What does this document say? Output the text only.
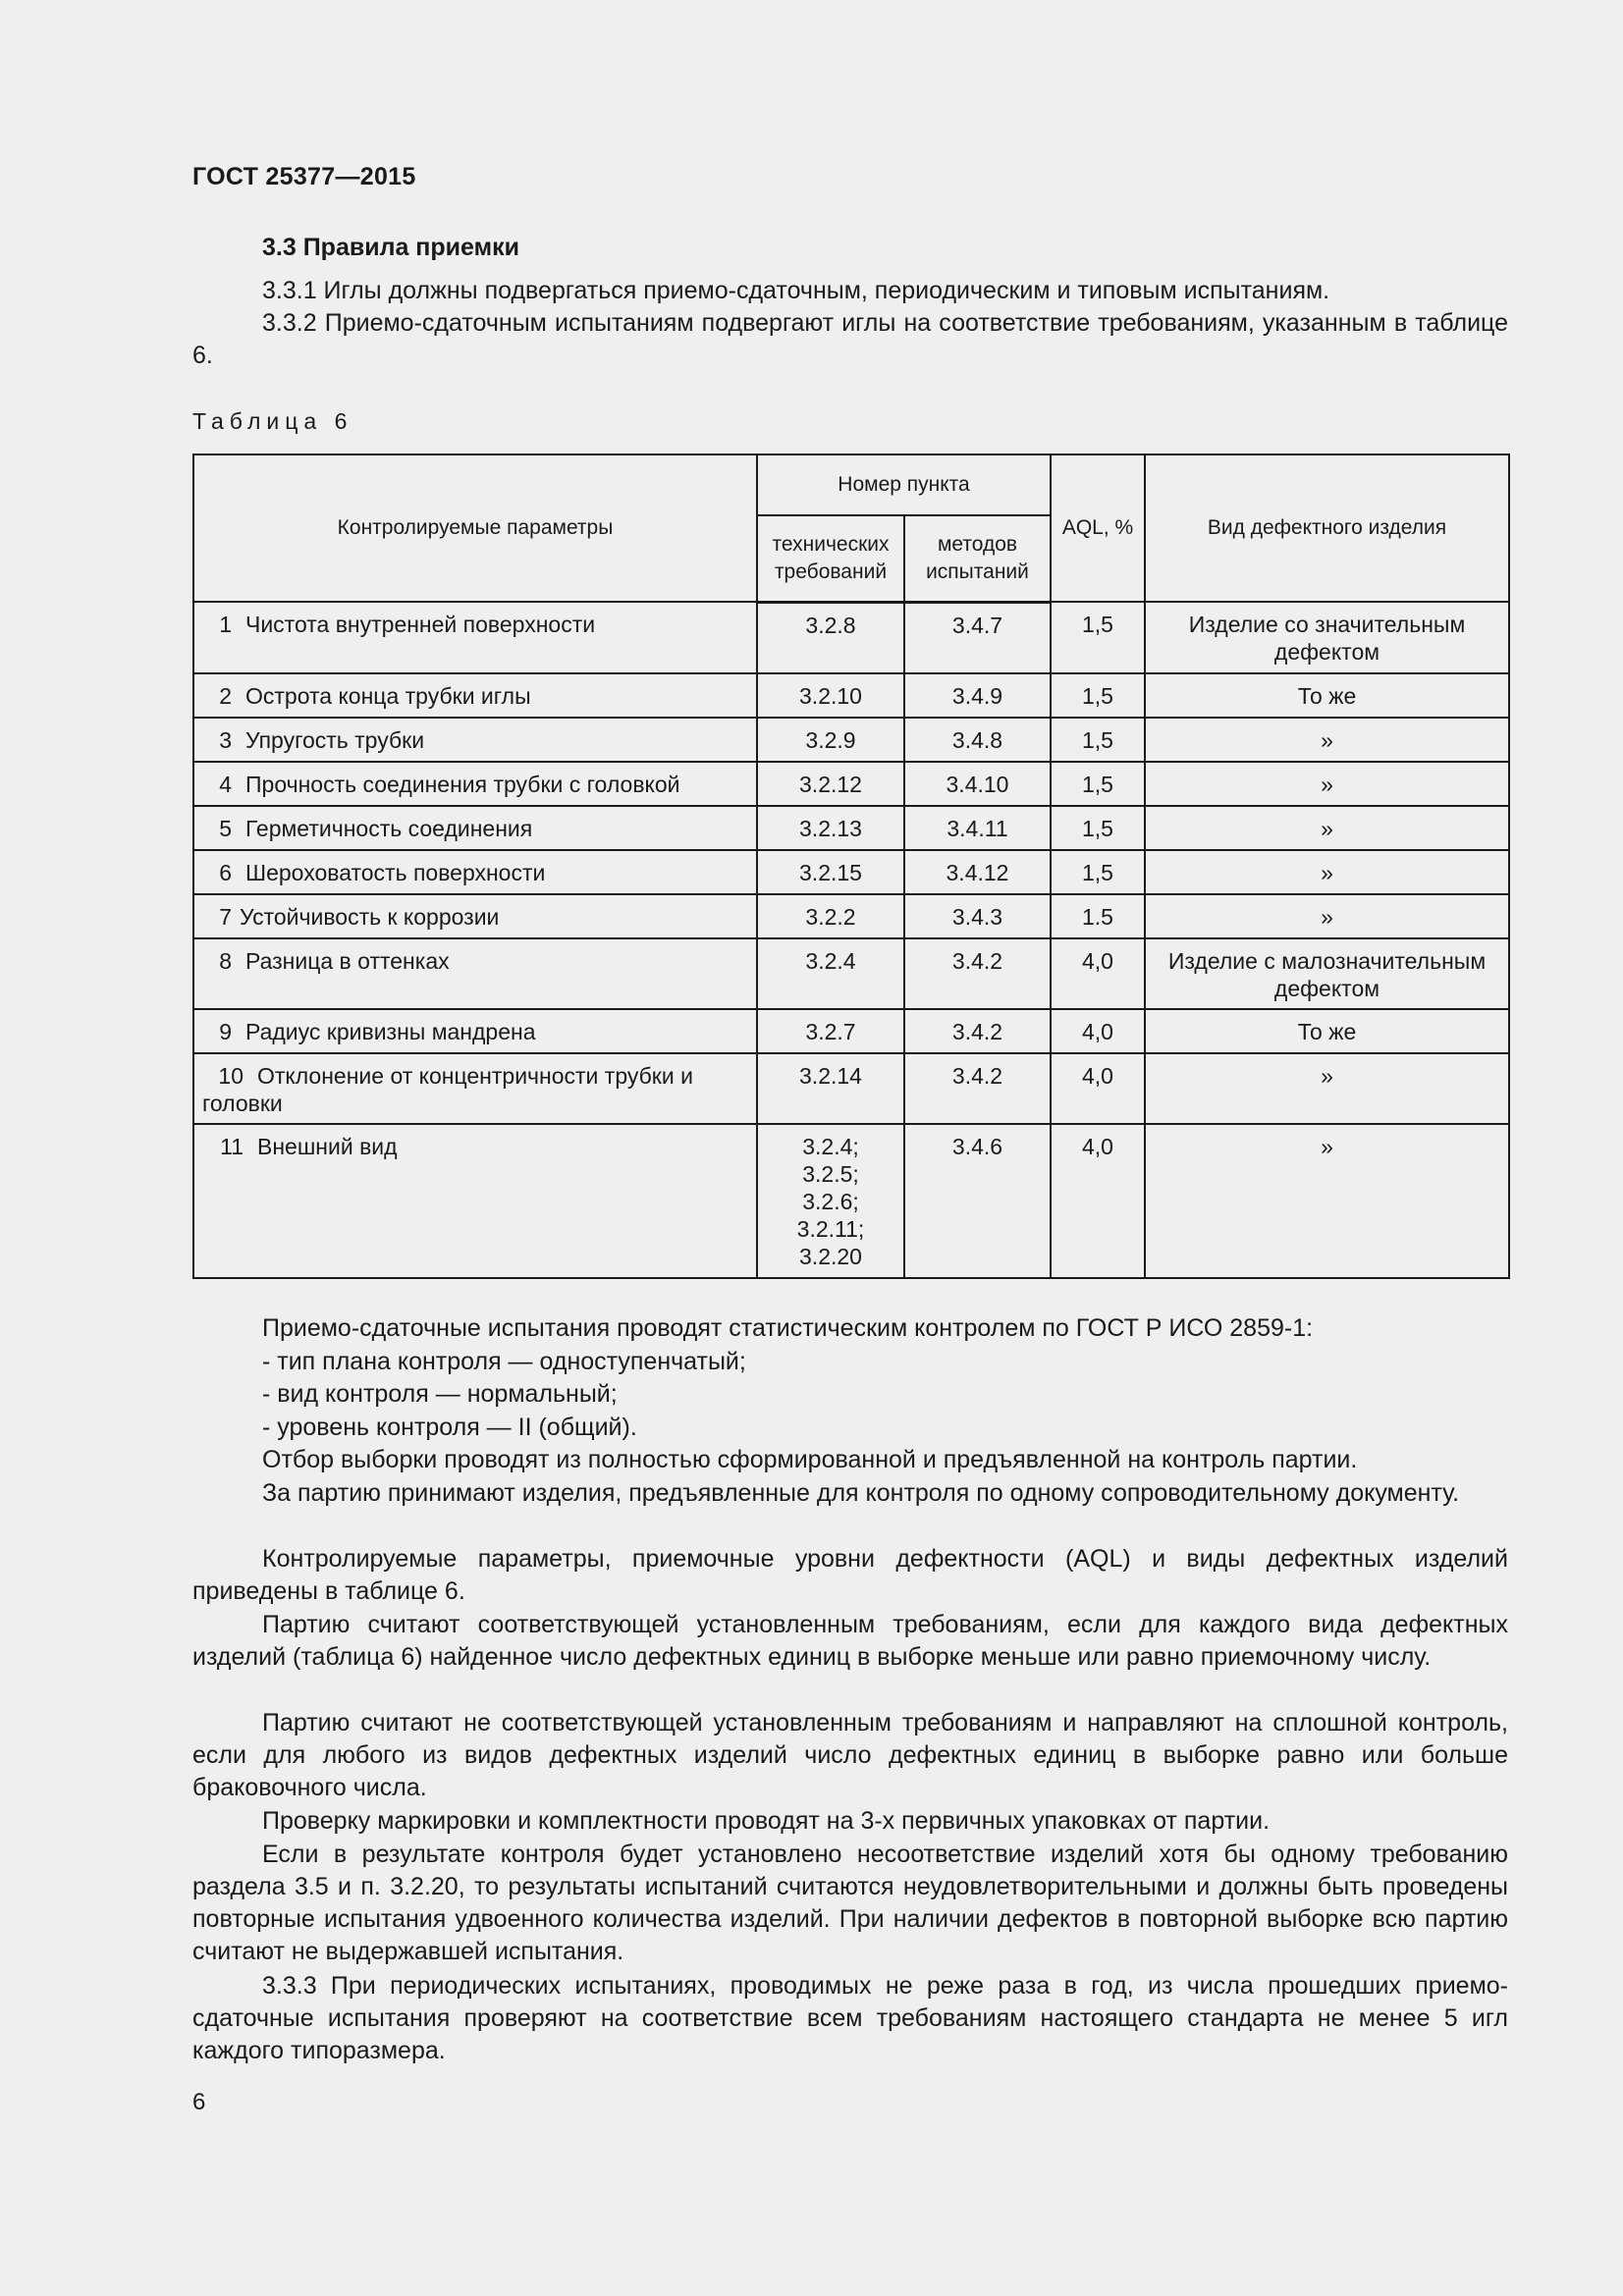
ГОСТ 25377—2015
3.3 Правила приемки
3.3.1 Иглы должны подвергаться приемо-сдаточным, периодическим и типовым испытаниям.
3.3.2 Приемо-сдаточным испытаниям подвергают иглы на соответствие требованиям, указанным в таблице 6.
Таблица 6
Контролируемые параметры	Номер пункта		AQL, %	Вид дефектного изделия
	технических требований	методов испытаний		
1 Чистота внутренней поверхности	3.2.8	3.4.7	1,5	Изделие со значительным дефектом
2 Острота конца трубки иглы	3.2.10	3.4.9	1,5	То же
3 Упругость трубки	3.2.9	3.4.8	1,5	»
4 Прочность соединения трубки с головкой	3.2.12	3.4.10	1,5	»
5 Герметичность соединения	3.2.13	3.4.11	1,5	»
6 Шероховатость поверхности	3.2.15	3.4.12	1,5	»
7 Устойчивость к коррозии	3.2.2	3.4.3	1.5	»
8 Разница в оттенках	3.2.4	3.4.2	4,0	Изделие с малозначительным дефектом
9 Радиус кривизны мандрена	3.2.7	3.4.2	4,0	То же
10 Отклонение от концентричности трубки и головки	3.2.14	3.4.2	4,0	»
11 Внешний вид	3.2.4;
3.2.5;
3.2.6;
3.2.11;
3.2.20	3.4.6	4,0	»
Приемо-сдаточные испытания проводят статистическим контролем по ГОСТ Р ИСО 2859-1:
- тип плана контроля — одноступенчатый;
- вид контроля — нормальный;
- уровень контроля — II (общий).
Отбор выборки проводят из полностью сформированной и предъявленной на контроль партии.
За партию принимают изделия, предъявленные для контроля по одному сопроводительному документу.
Контролируемые параметры, приемочные уровни дефектности (AQL) и виды дефектных изделий приведены в таблице 6.
Партию считают соответствующей установленным требованиям, если для каждого вида дефектных изделий (таблица 6) найденное число дефектных единиц в выборке меньше или равно приемочному числу.
Партию считают не соответствующей установленным требованиям и направляют на сплошной контроль, если для любого из видов дефектных изделий число дефектных единиц в выборке равно или больше браковочного числа.
Проверку маркировки и комплектности проводят на 3-х первичных упаковках от партии.
Если в результате контроля будет установлено несоответствие изделий хотя бы одному требованию раздела 3.5 и п. 3.2.20, то результаты испытаний считаются неудовлетворительными и должны быть проведены повторные испытания удвоенного количества изделий. При наличии дефектов в повторной выборке всю партию считают не выдержавшей испытания.
3.3.3 При периодических испытаниях, проводимых не реже раза в год, из числа прошедших приемо-сдаточные испытания проверяют на соответствие всем требованиям настоящего стандарта не менее 5 игл каждого типоразмера.
6
